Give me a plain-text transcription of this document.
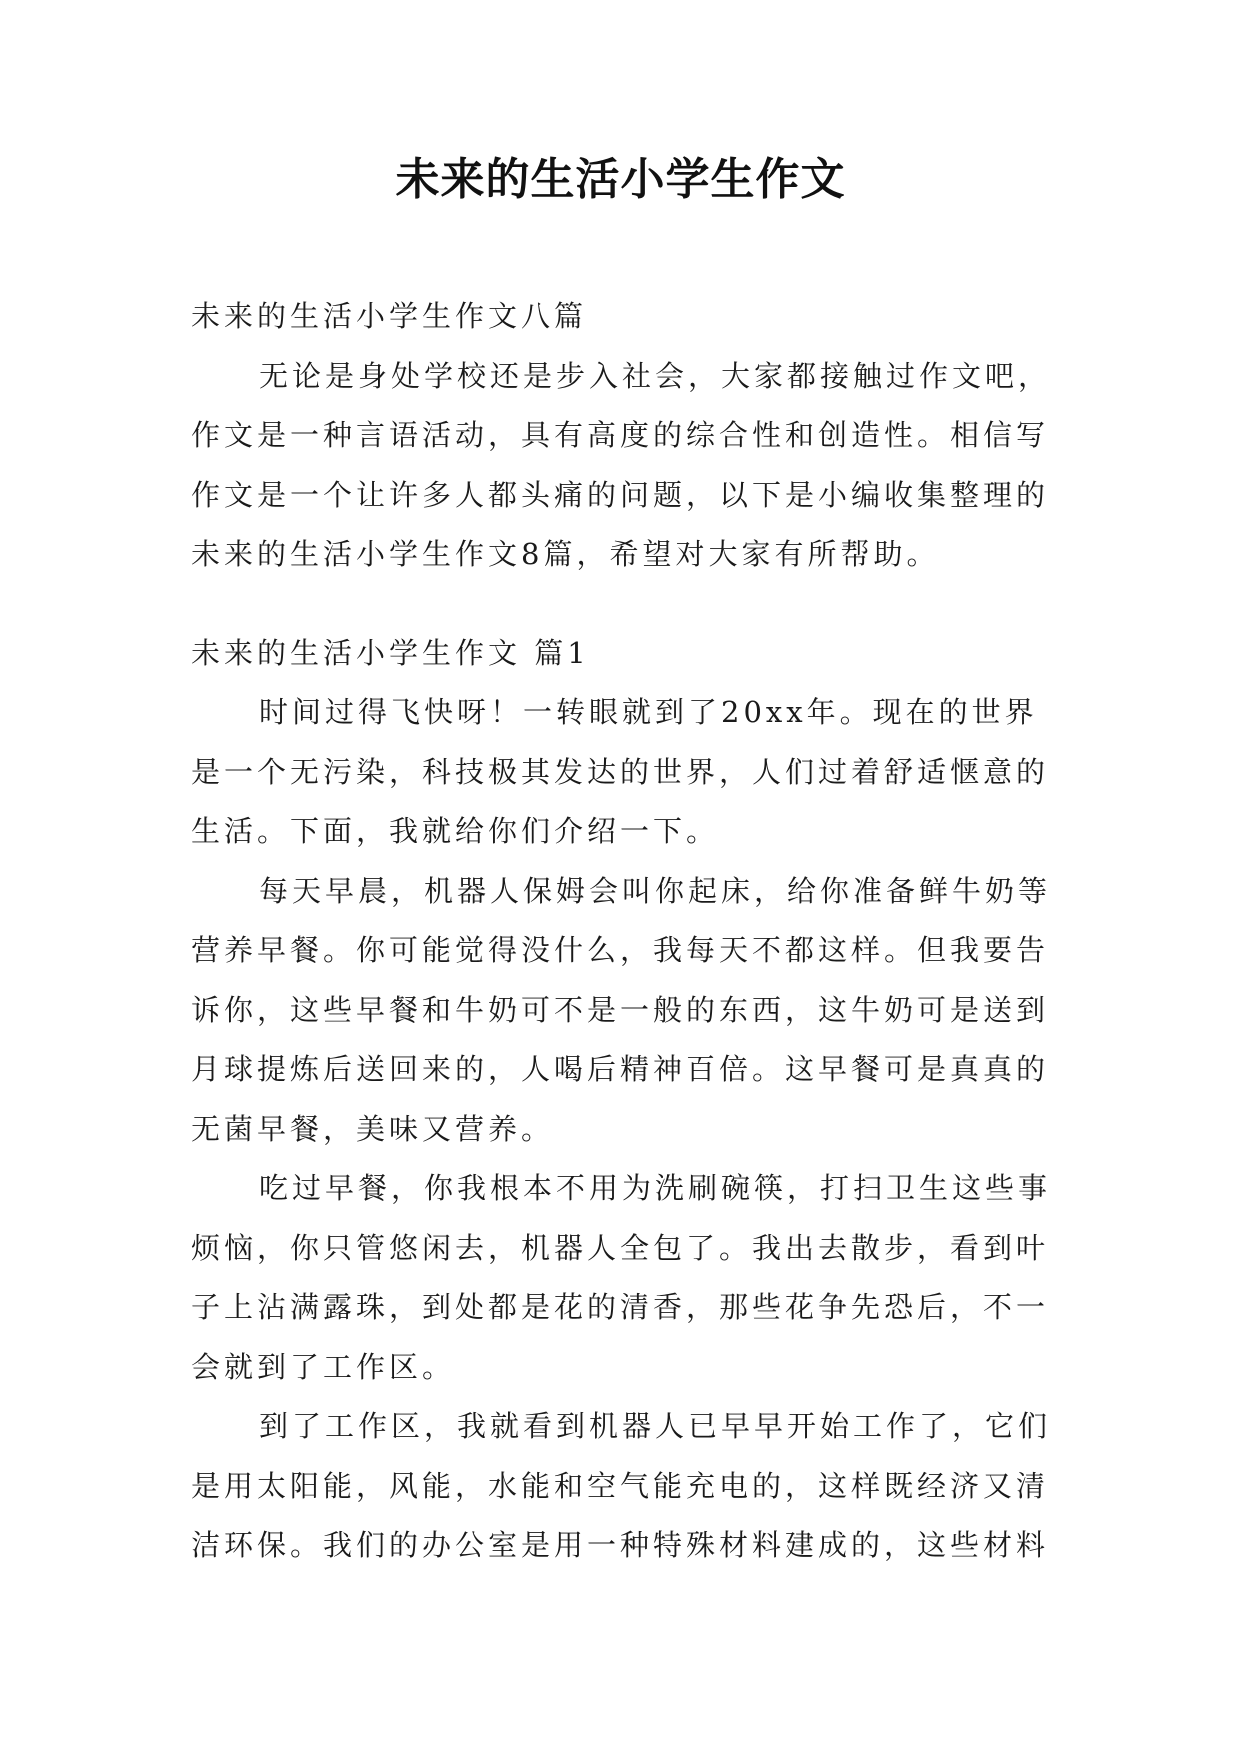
未来的生活小学生作文

未来的生活小学生作文八篇

无论是身处学校还是步入社会，大家都接触过作文吧，作文是一种言语活动，具有高度的综合性和创造性。相信写作文是一个让许多人都头痛的问题，以下是小编收集整理的未来的生活小学生作文8篇，希望对大家有所帮助。

未来的生活小学生作文 篇1

时间过得飞快呀！一转眼就到了20xx年。现在的世界是一个无污染，科技极其发达的世界，人们过着舒适惬意的生活。下面，我就给你们介绍一下。

每天早晨，机器人保姆会叫你起床，给你准备鲜牛奶等营养早餐。你可能觉得没什么，我每天不都这样。但我要告诉你，这些早餐和牛奶可不是一般的东西，这牛奶可是送到月球提炼后送回来的，人喝后精神百倍。这早餐可是真真的无菌早餐，美味又营养。

吃过早餐，你我根本不用为洗刷碗筷，打扫卫生这些事烦恼，你只管悠闲去，机器人全包了。我出去散步，看到叶子上沾满露珠，到处都是花的清香，那些花争先恐后，不一会就到了工作区。

到了工作区，我就看到机器人已早早开始工作了，它们是用太阳能，风能，水能和空气能充电的，这样既经济又清洁环保。我们的办公室是用一种特殊材料建成的，这些材料
